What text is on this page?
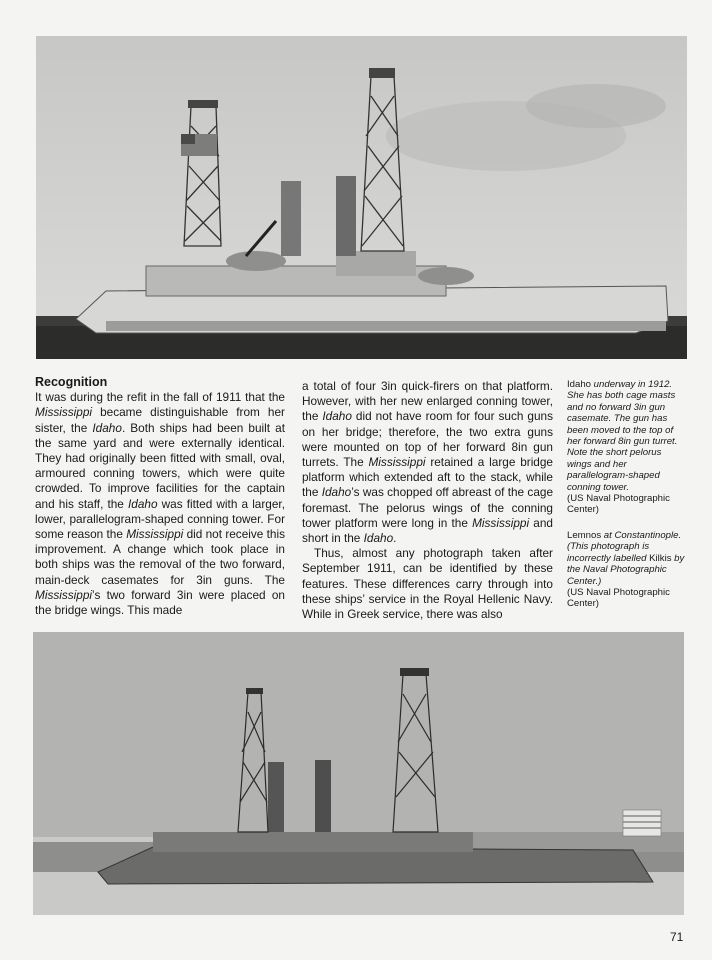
Recognition

It was during the refit in the fall of 1911 that the Mississippi became distinguishable from her sister, the Idaho. Both ships had been built at the same yard and were externally identical. They had originally been fitted with small, oval, armoured conning towers, which were quite crowded. To improve facilities for the captain and his staff, the Idaho was fitted with a larger, lower, parallelogram-shaped conning tower. For some reason the Mississippi did not receive this improvement. A change which took place in both ships was the removal of the two forward, main-deck casemates for 3in guns. The Mississippi’s two forward 3in were placed on the bridge wings. This made

a total of four 3in quick-firers on that platform. However, with her new enlarged conning tower, the Idaho did not have room for four such guns on her bridge; therefore, the two extra guns were mounted on top of her forward 8in gun turrets. The Mississippi retained a large bridge platform which extended aft to the stack, while the Idaho’s was chopped off abreast of the cage foremast. The pelorus wings of the conning tower platform were long in the Mississippi and short in the Idaho.

Thus, almost any photograph taken after September 1911, can be identified by these features. These differences carry through into these ships’ service in the Royal Hellenic Navy. While in Greek service, there was also

Idaho underway in 1912. She has both cage masts and no forward 3in gun casemate. The gun has been moved to the top of her forward 8in gun turret. Note the short pelorus wings and her parallelogram-shaped conning tower.
(US Naval Photographic Center)
Lemnos at Constantinople. (This photograph is incorrectly labelled Kilkis by the Naval Photographic Center.)
(US Naval Photographic Center)
71
